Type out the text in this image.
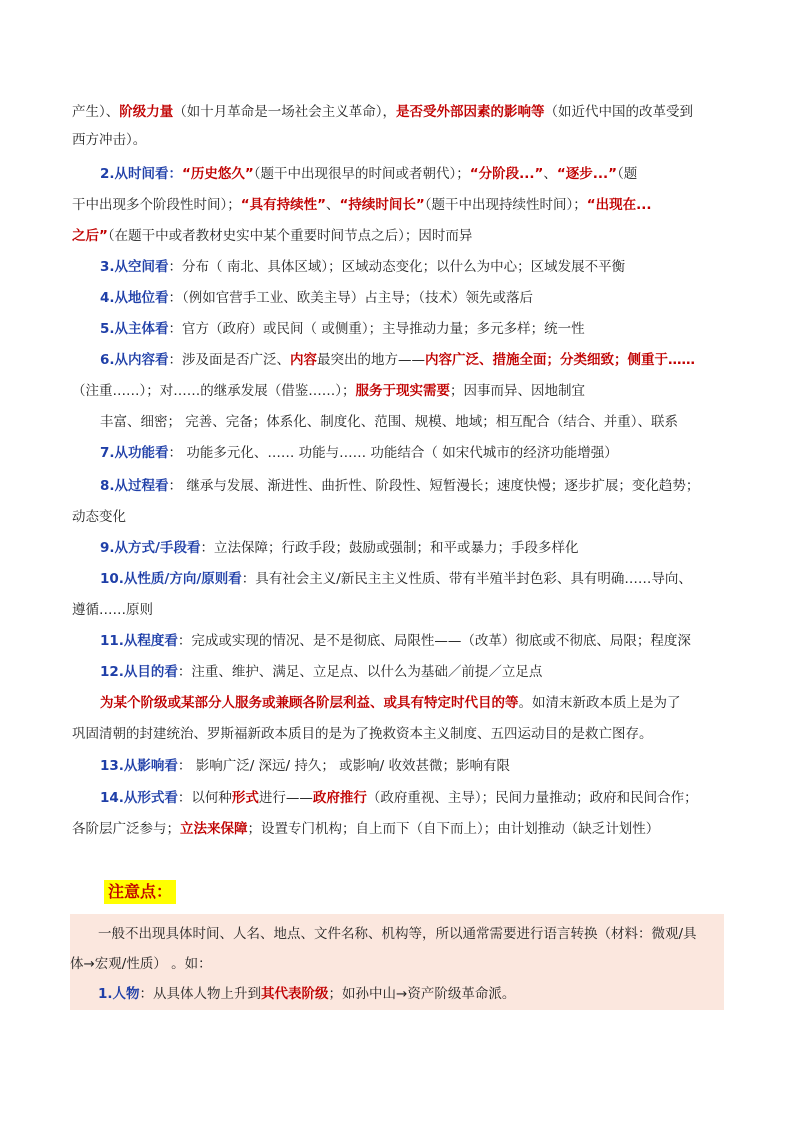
产生）、阶级力量（如十月革命是一场社会主义革命），是否受外部因素的影响等（如近代中国的改革受到
西方冲击）。
2.从时间看：“历史悠久”（题干中出现很早的时间或者朝代）；“分阶段...”、“逐步...”（题
干中出现多个阶段性时间）；“具有持续性”、“持续时间长”（题干中出现持续性时间）；“出现在...
之后”（在题干中或者教材史实中某个重要时间节点之后）；因时而异
3.从空间看：分布（ 南北、具体区域）；区域动态变化；以什么为中心；区域发展不平衡
4.从地位看：（例如官营手工业、欧美主导）占主导；（技术）领先或落后
5.从主体看：官方（政府）或民间（ 或侧重）；主导推动力量；多元多样；统一性
6.从内容看：涉及面是否广泛、内容最突出的地方——内容广泛、措施全面；分类细致；侧重于……
（注重……）；对……的继承发展（借鉴……）；服务于现实需要；因事而异、因地制宜
丰富、细密； 完善、完备；体系化、制度化、范围、规模、地域；相互配合（结合、并重）、联系
7.从功能看： 功能多元化、…… 功能与…… 功能结合（ 如宋代城市的经济功能增强）
8.从过程看： 继承与发展、渐进性、曲折性、阶段性、短暂漫长；速度快慢；逐步扩展；变化趋势；
动态变化
9.从方式/手段看：立法保障；行政手段；鼓励或强制；和平或暴力；手段多样化
10.从性质/方向/原则看：具有社会主义/新民主主义性质、带有半殖半封色彩、具有明确……导向、
遵循……原则
11.从程度看：完成或实现的情况、是不是彻底、局限性——（改革）彻底或不彻底、局限；程度深
12.从目的看：注重、维护、满足、立足点、以什么为基础／前提／立足点
为某个阶级或某部分人服务或兼顾各阶层利益、或具有特定时代目的等。如清末新政本质上是为了
巩固清朝的封建统治、罗斯福新政本质目的是为了挽救资本主义制度、五四运动目的是救亡图存。
13.从影响看： 影响广泛/ 深远/ 持久； 或影响/ 收效甚微；影响有限
14.从形式看：以何种形式进行——政府推行（政府重视、主导）；民间力量推动；政府和民间合作；
各阶层广泛参与；立法来保障；设置专门机构；自上而下（自下而上）；由计划推动（缺乏计划性）
注意点：
一般不出现具体时间、人名、地点、文件名称、机构等，所以通常需要进行语言转换（材料：微观/具
体→宏观/性质） 。如：
1.人物：从具体人物上升到其代表阶级；如孙中山→资产阶级革命派。
